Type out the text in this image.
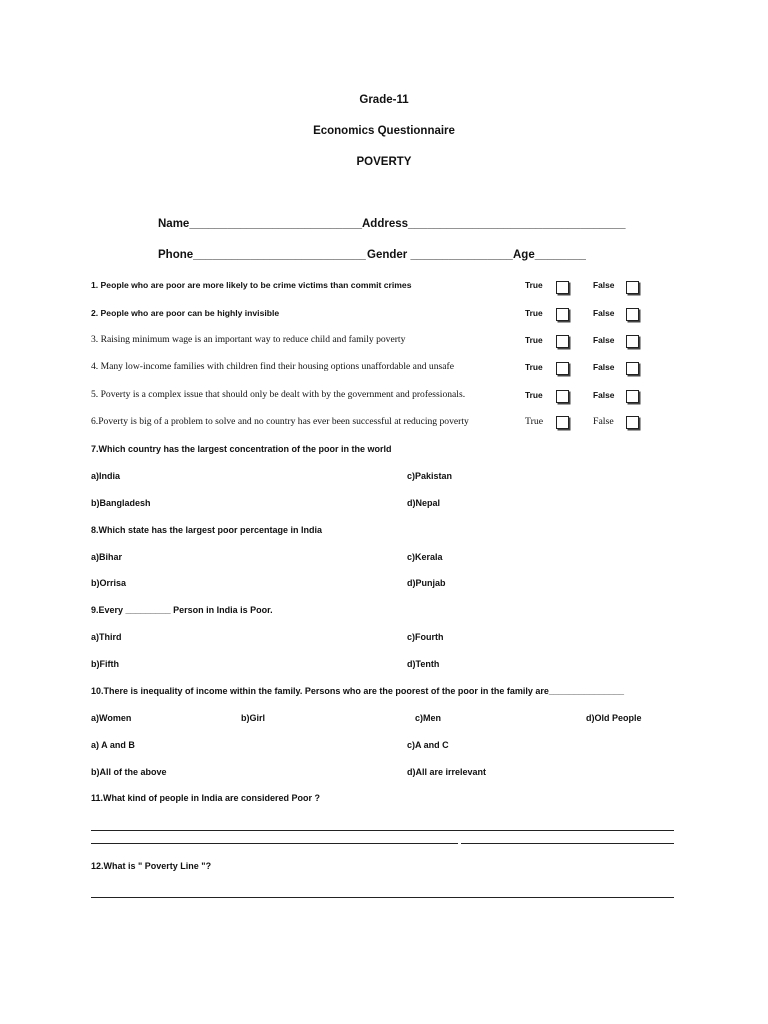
Grade-11
Economics Questionnaire
POVERTY
Name___________________________ Address__________________________________
Phone___________________________ Gender ________________ Age________
1. People who are poor are more likely to be crime victims than commit crimes	True	False
2. People who are poor can be highly invisible	True	False
3. Raising minimum wage is an important way to reduce child and family poverty	True	False
4. Many low-income families with children find their housing options unaffordable and unsafe	True	False
5. Poverty is a complex issue that should only be dealt with by the government and professionals.	True	False
6.Poverty is big of a problem to solve and no country has ever been successful at reducing poverty	True	False
7.Which country has the largest concentration of the poor in the world
a)India	c)Pakistan
b)Bangladesh	d)Nepal
8.Which state has the largest poor percentage in India
a)Bihar	c)Kerala
b)Orrisa	d)Punjab
9.Every _________ Person in India is Poor.
a)Third	c)Fourth
b)Fifth	d)Tenth
10.There is inequality of income within the family. Persons who are the poorest of the poor in the family are_______________
a)Women	b)Girl	c)Men	d)Old People
a) A and B	c)A and C
b)All of the above	d)All are irrelevant
11.What kind of people in India are considered Poor ?
12.What is " Poverty Line "?
